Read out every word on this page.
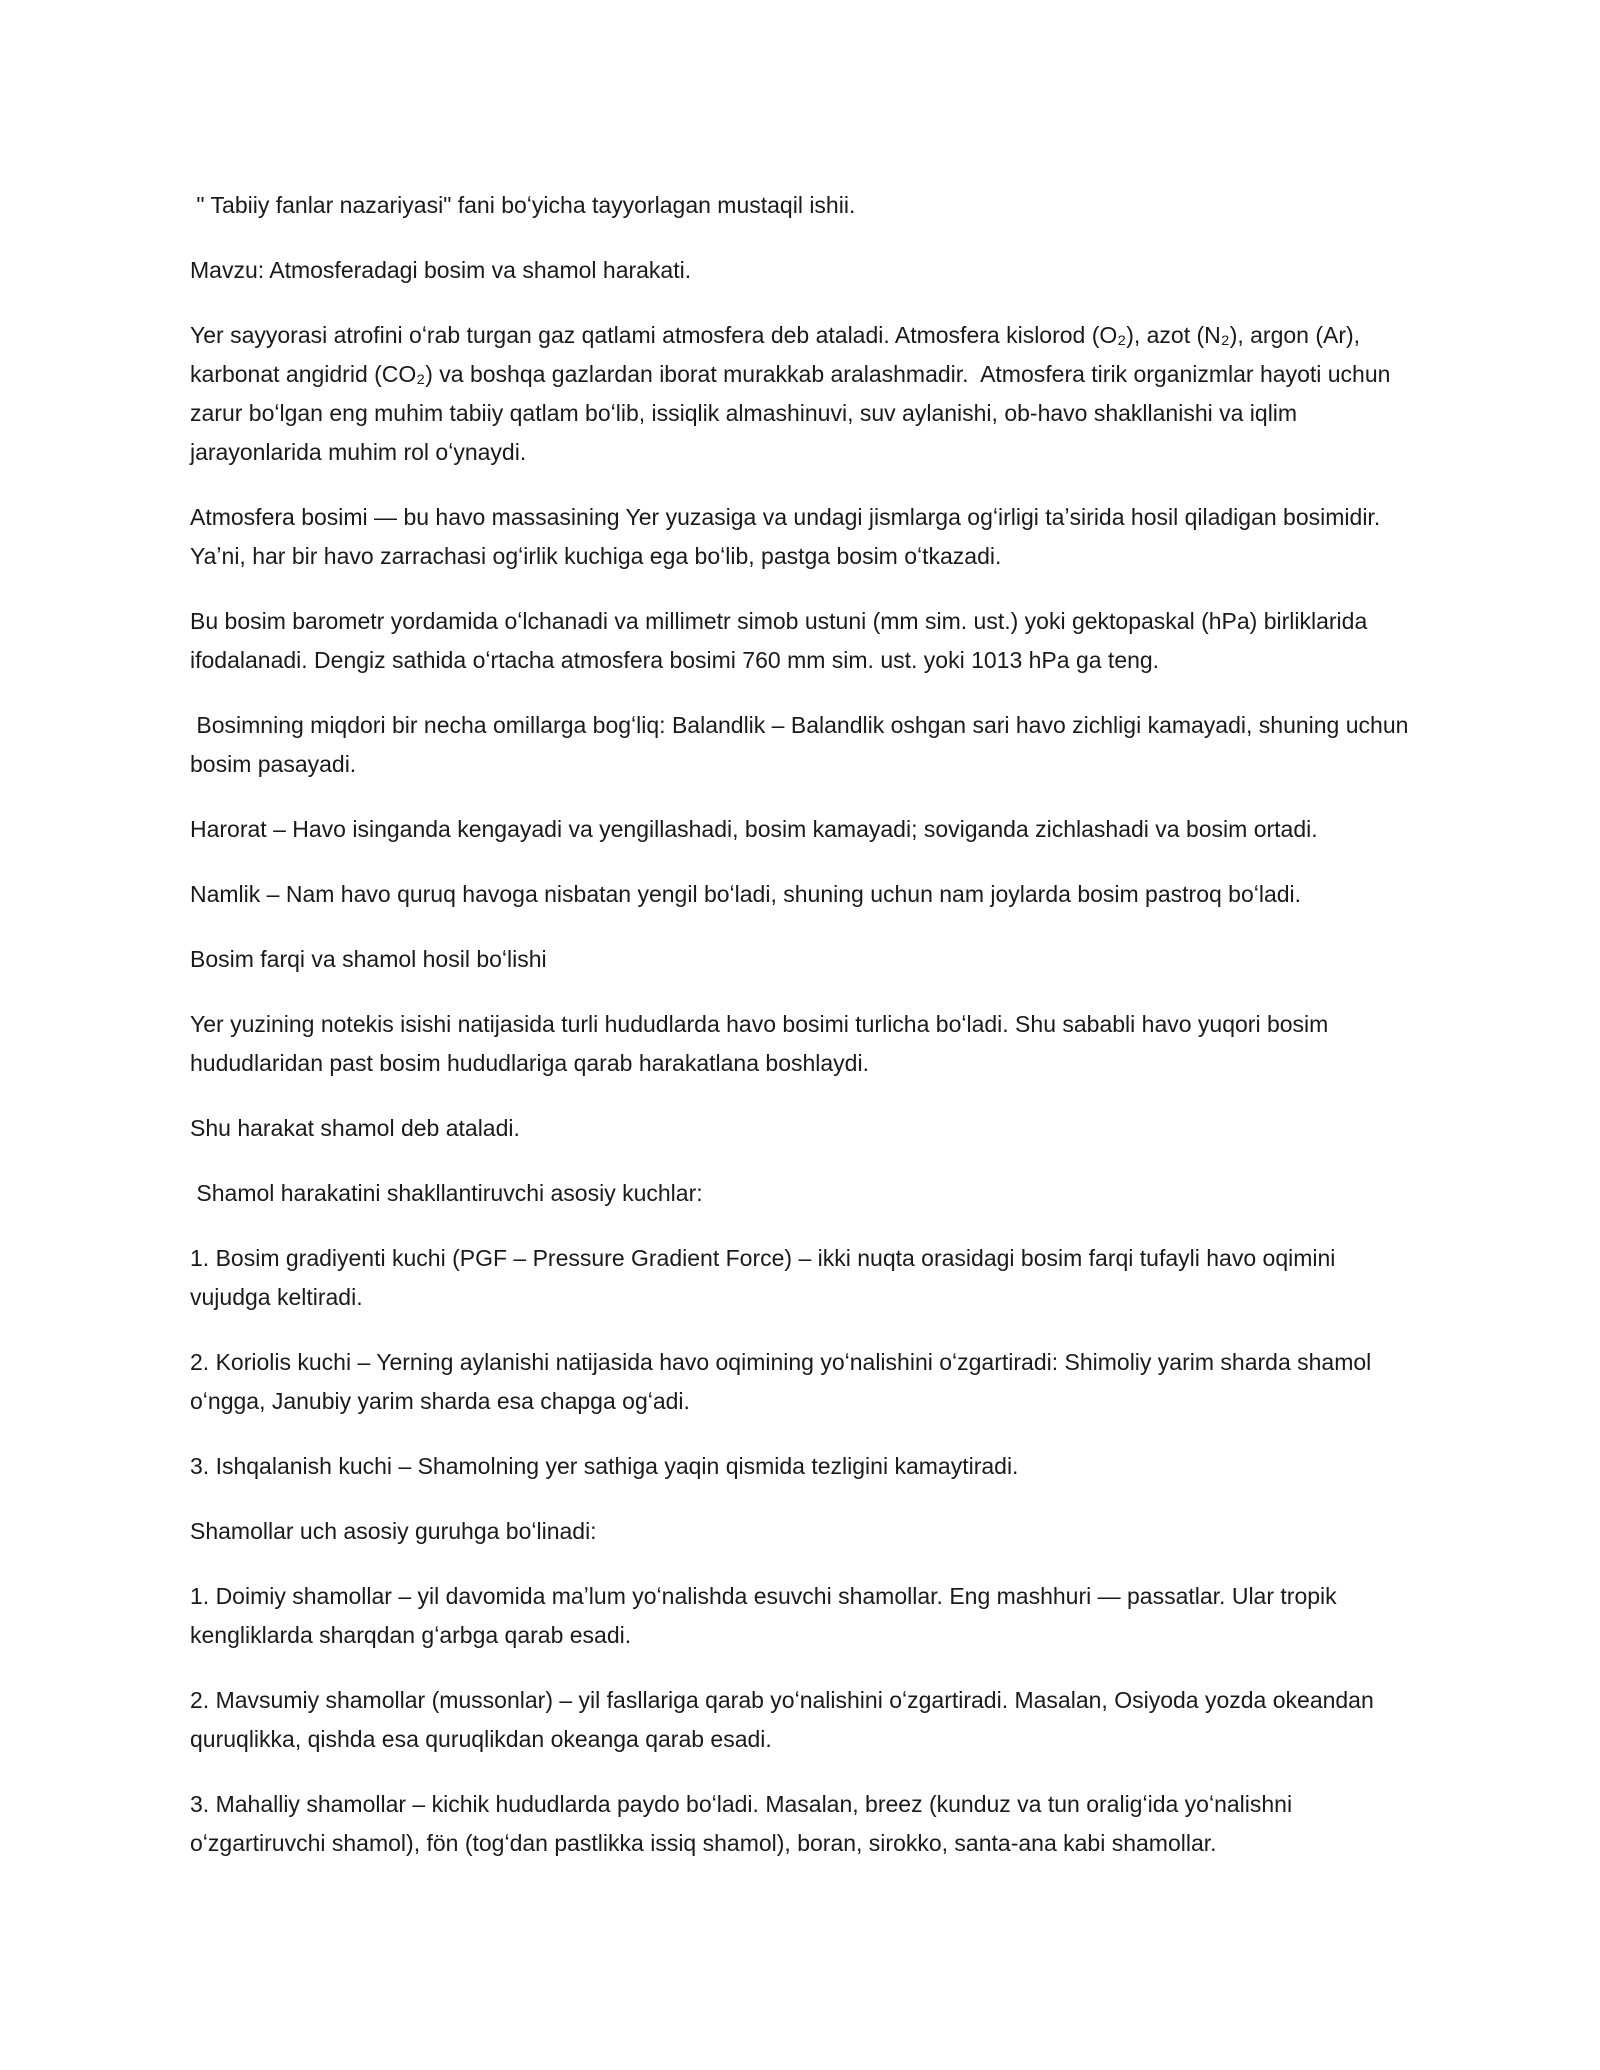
" Tabiiy fanlar nazariyasi" fani boʻyicha tayyorlagan mustaqil ishii.

Mavzu: Atmosferadagi bosim va shamol harakati.

Yer sayyorasi atrofini oʻrab turgan gaz qatlami atmosfera deb ataladi. Atmosfera kislorod (O₂), azot (N₂), argon (Ar), karbonat angidrid (CO₂) va boshqa gazlardan iborat murakkab aralashmadir.  Atmosfera tirik organizmlar hayoti uchun zarur boʻlgan eng muhim tabiiy qatlam boʻlib, issiqlik almashinuvi, suv aylanishi, ob-havo shakllanishi va iqlim jarayonlarida muhim rol oʻynaydi.

Atmosfera bosimi — bu havo massasining Yer yuzasiga va undagi jismlarga ogʻirligi taʼsirida hosil qiladigan bosimidir. Yaʼni, har bir havo zarrachasi ogʻirlik kuchiga ega boʻlib, pastga bosim oʻtkazadi.

Bu bosim barometr yordamida oʻlchanadi va millimetr simob ustuni (mm sim. ust.) yoki gektopaskal (hPa) birliklarida ifodalanadi. Dengiz sathida oʻrtacha atmosfera bosimi 760 mm sim. ust. yoki 1013 hPa ga teng.

Bosimning miqdori bir necha omillarga bogʻliq: Balandlik – Balandlik oshgan sari havo zichligi kamayadi, shuning uchun bosim pasayadi.

Harorat – Havo isinganda kengayadi va yengillashadi, bosim kamayadi; soviganda zichlashadi va bosim ortadi.

Namlik – Nam havo quruq havoga nisbatan yengil boʻladi, shuning uchun nam joylarda bosim pastroq boʻladi.

Bosim farqi va shamol hosil boʻlishi

Yer yuzining notekis isishi natijasida turli hududlarda havo bosimi turlicha boʻladi. Shu sababli havo yuqori bosim hududlaridan past bosim hududlariga qarab harakatlana boshlaydi.

Shu harakat shamol deb ataladi.

Shamol harakatini shakllantiruvchi asosiy kuchlar:

1. Bosim gradiyenti kuchi (PGF – Pressure Gradient Force) – ikki nuqta orasidagi bosim farqi tufayli havo oqimini vujudga keltiradi.

2. Koriolis kuchi – Yerning aylanishi natijasida havo oqimining yoʻnalishini oʻzgartiradi: Shimoliy yarim sharda shamol oʻngga, Janubiy yarim sharda esa chapga ogʻadi.

3. Ishqalanish kuchi – Shamolning yer sathiga yaqin qismida tezligini kamaytiradi.

Shamollar uch asosiy guruhga boʻlinadi:

1. Doimiy shamollar – yil davomida maʼlum yoʻnalishda esuvchi shamollar. Eng mashhuri — passatlar. Ular tropik kengliklarda sharqdan gʻarbga qarab esadi.

2. Mavsumiy shamollar (mussonlar) – yil fasllariga qarab yoʻnalishini oʻzgartiradi. Masalan, Osiyoda yozda okeandan quruqlikka, qishda esa quruqlikdan okeanga qarab esadi.

3. Mahalliy shamollar – kichik hududlarda paydo boʻladi. Masalan, breez (kunduz va tun oraligʻida yoʻnalishni oʻzgartiruvchi shamol), fön (togʻdan pastlikka issiq shamol), boran, sirokko, santa-ana kabi shamollar.
